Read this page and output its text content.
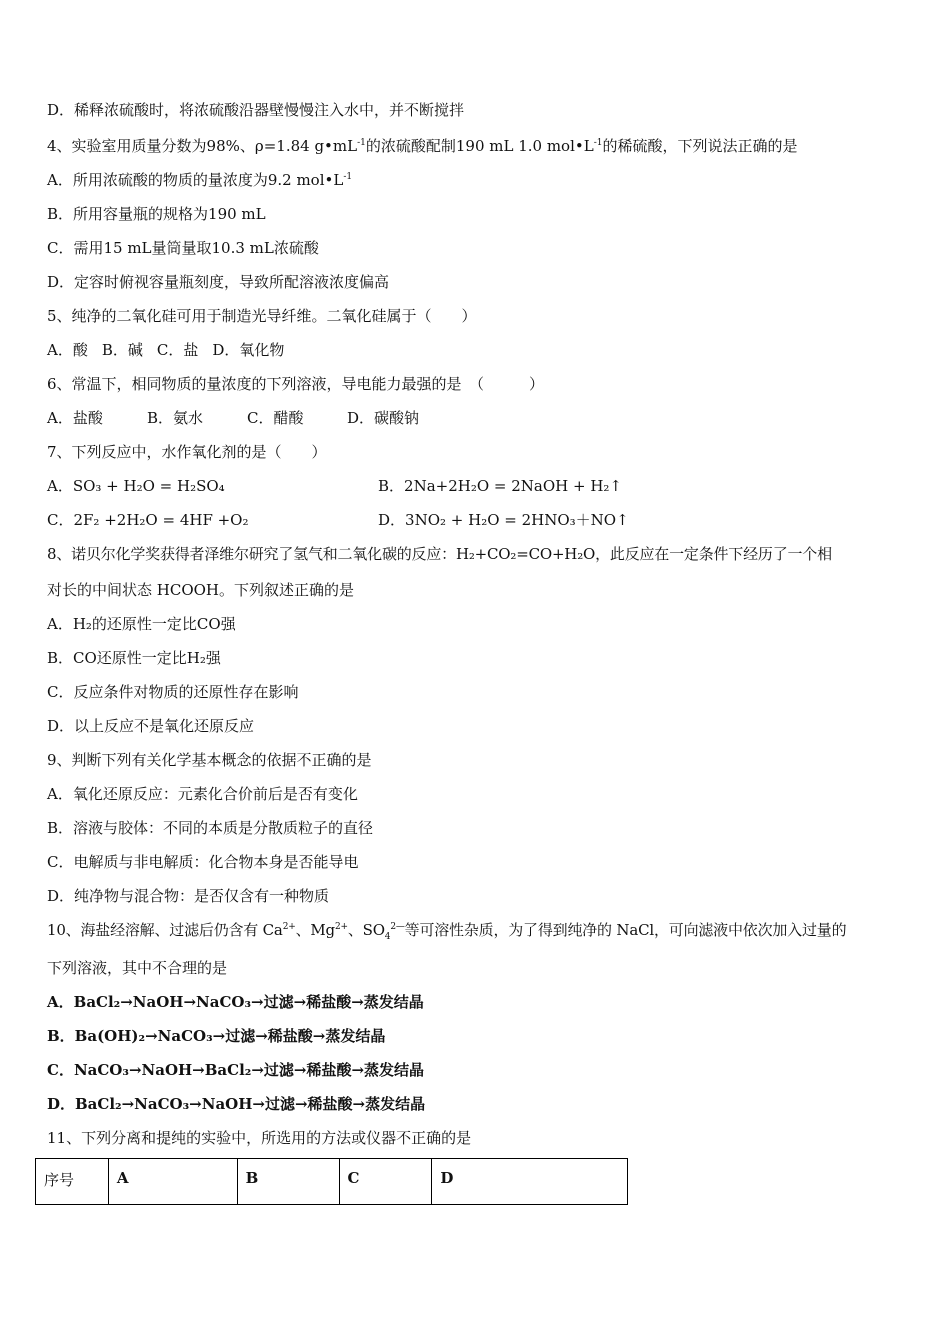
D．稀释浓硫酸时，将浓硫酸沿器壁慢慢注入水中，并不断搅拌
4、实验室用质量分数为98%、ρ=1.84 $g•mL^{-1}$的浓硫酸配制190 mL 1.0 $mol•L^{-1}$的稀硫酸，下列说法正确的是
A．所用浓硫酸的物质的量浓度为9.2 $mol•L^{-1}$
B．所用容量瓶的规格为190 mL
C．需用15 mL量筒量取10.3 mL浓硫酸
D．定容时俯视容量瓶刻度，导致所配溶液浓度偏高
5、纯净的二氧化硅可用于制造光导纤维。二氧化硅属于（　　）
A．酸 B．碱 C．盐 D．氧化物
6、常温下，相同物质的量浓度的下列溶液，导电能力最强的是　（　　　）
A．盐酸	B．氨水	C．醋酸	D．碳酸钠
7、下列反应中，水作氧化剂的是（　　）
A．SO₃ + H₂O = H₂SO₄	B．2Na+2H₂O = 2NaOH + H₂↑
C．2F₂ +2H₂O = 4HF +O₂	D．3NO₂ + H₂O = 2HNO₃＋NO↑
8、诺贝尔化学奖获得者泽维尔研究了氢气和二氧化碳的反应：H₂+CO₂=CO+H₂O，此反应在一定条件下经历了一个相
对长的中间状态 HCOOH。下列叙述正确的是
A．H₂的还原性一定比CO强
B．CO还原性一定比H₂强
C．反应条件对物质的还原性存在影响
D．以上反应不是氧化还原反应
9、判断下列有关化学基本概念的依据不正确的是
A．氧化还原反应：元素化合价前后是否有变化
B．溶液与胶体：不同的本质是分散质粒子的直径
C．电解质与非电解质：化合物本身是否能导电
D．纯净物与混合物：是否仅含有一种物质
10、海盐经溶解、过滤后仍含有 $Ca^{2+}$、$Mg^{2+}$、$SO_4^{2—}$等可溶性杂质，为了得到纯净的 NaCl，可向滤液中依次加入过量的
下列溶液，其中不合理的是
A．BaCl₂→NaOH→NaCO₃→过滤→稀盐酸→蒸发结晶
B．Ba(OH)₂→NaCO₃→过滤→稀盐酸→蒸发结晶
C．NaCO₃→NaOH→BaCl₂→过滤→稀盐酸→蒸发结晶
D．BaCl₂→NaCO₃→NaOH→过滤→稀盐酸→蒸发结晶
11、下列分离和提纯的实验中，所选用的方法或仪器不正确的是
序号	A	B	C	D
